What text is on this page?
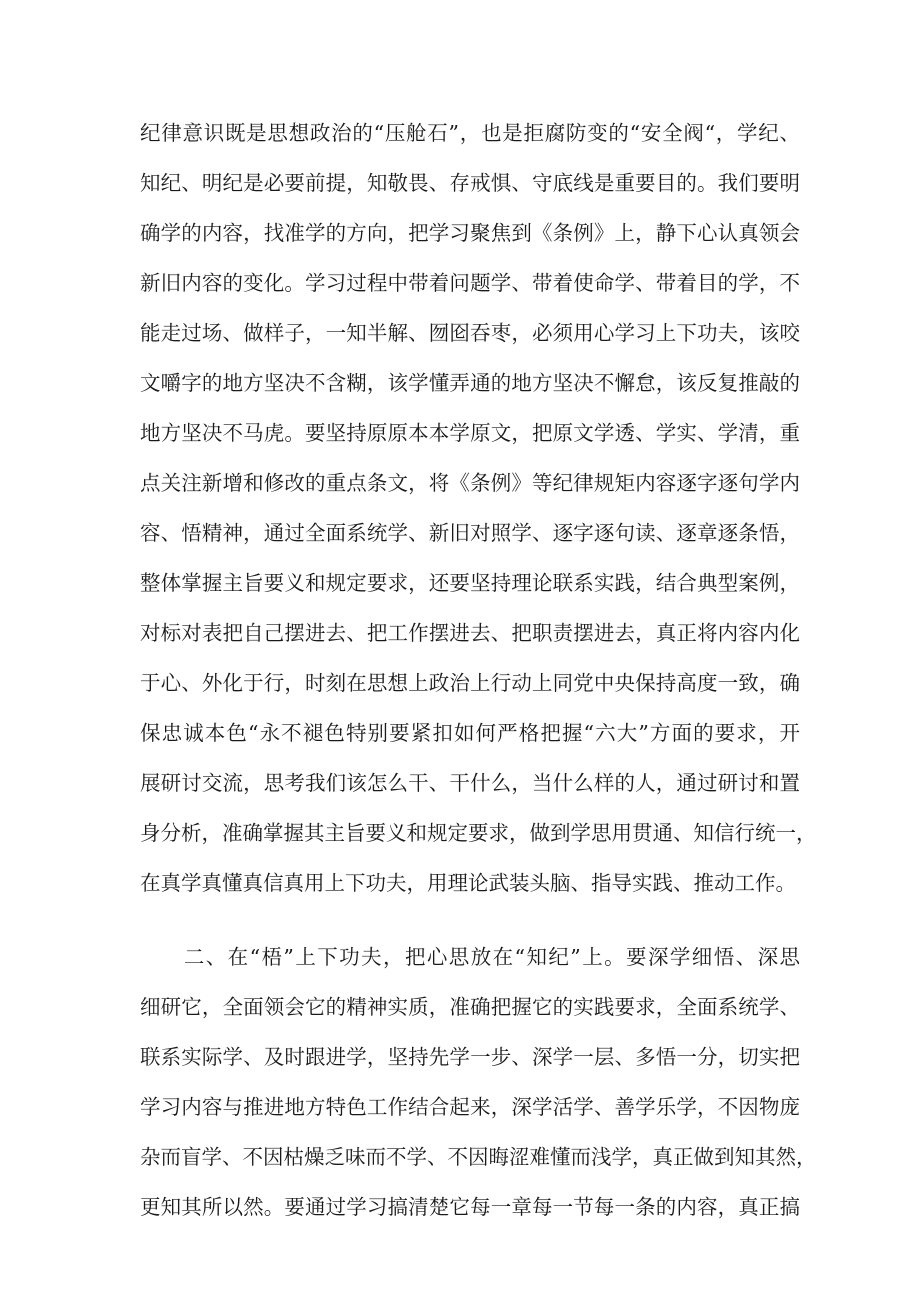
纪律意识既是思想政治的“压舱石”，也是拒腐防变的“安全阀“，学纪、
知纪、明纪是必要前提，知敬畏、存戒惧、守底线是重要目的。我们要明
确学的内容，找准学的方向，把学习聚焦到《条例》上，静下心认真领会
新旧内容的变化。学习过程中带着问题学、带着使命学、带着目的学，不
能走过场、做样子，一知半解、囫囵吞枣，必须用心学习上下功夫，该咬
文嚼字的地方坚决不含糊，该学懂弄通的地方坚决不懈怠，该反复推敲的
地方坚决不马虎。要坚持原原本本学原文，把原文学透、学实、学清，重
点关注新增和修改的重点条文，将《条例》等纪律规矩内容逐字逐句学内
容、悟精神，通过全面系统学、新旧对照学、逐字逐句读、逐章逐条悟，
整体掌握主旨要义和规定要求，还要坚持理论联系实践，结合典型案例，
对标对表把自己摆进去、把工作摆进去、把职责摆进去，真正将内容内化
于心、外化于行，时刻在思想上政治上行动上同党中央保持高度一致，确
保忠诚本色“永不褪色特别要紧扣如何严格把握“六大”方面的要求，开
展研讨交流，思考我们该怎么干、干什么，当什么样的人，通过研讨和置
身分析，准确掌握其主旨要义和规定要求，做到学思用贯通、知信行统一，
在真学真懂真信真用上下功夫，用理论武装头脑、指导实践、推动工作。
　　二、在“梧”上下功夫，把心思放在“知纪”上。要深学细悟、深思
细研它，全面领会它的精神实质，准确把握它的实践要求，全面系统学、
联系实际学、及时跟进学，坚持先学一步、深学一层、多悟一分，切实把
学习内容与推进地方特色工作结合起来，深学活学、善学乐学，不因物庞
杂而盲学、不因枯燥乏味而不学、不因晦涩难懂而浅学，真正做到知其然，
更知其所以然。要通过学习搞清楚它每一章每一节每一条的内容，真正搞
